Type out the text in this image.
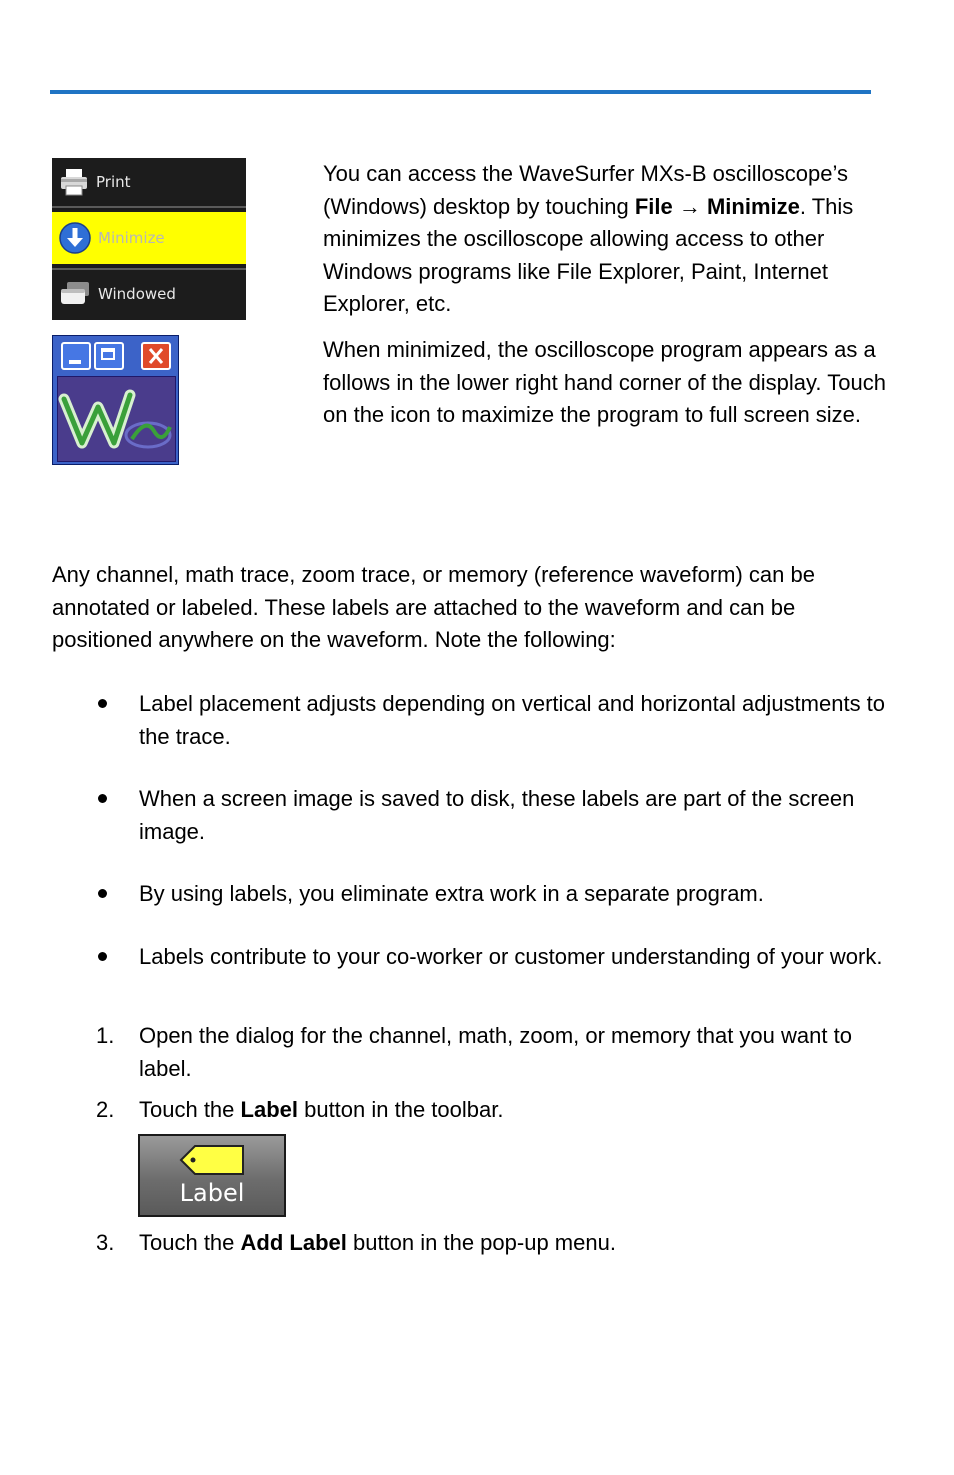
Print
Minimize
Windowed

You can access the WaveSurfer MXs-B oscilloscope’s (Windows) desktop by touching File → Minimize. This minimizes the oscilloscope allowing access to other Windows programs like File Explorer, Paint, Internet Explorer, etc.

When minimized, the oscilloscope program appears as a follows in the lower right hand corner of the display. Touch on the icon to maximize the program to full screen size.

Any channel, math trace, zoom trace, or memory (reference waveform) can be annotated or labeled. These labels are attached to the waveform and can be positioned anywhere on the waveform. Note the following:

Label placement adjusts depending on vertical and horizontal adjustments to the trace.

When a screen image is saved to disk, these labels are part of the screen image.

By using labels, you eliminate extra work in a separate program.

Labels contribute to your co-worker or customer understanding of your work.

1. Open the dialog for the channel, math, zoom, or memory that you want to label.

2. Touch the Label button in the toolbar.

Label

3. Touch the Add Label button in the pop-up menu.
